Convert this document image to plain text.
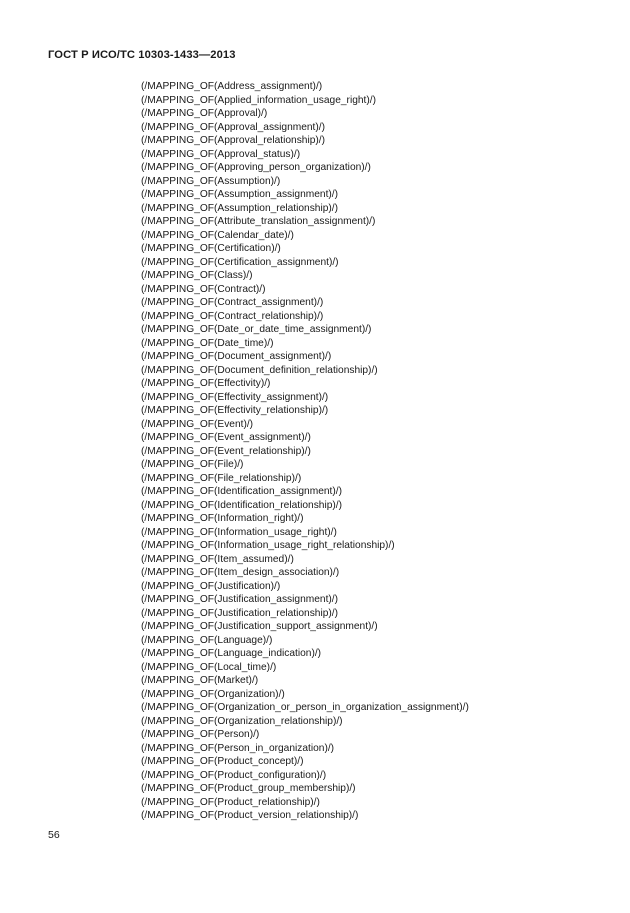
ГОСТ Р ИСО/ТС 10303-1433—2013
(/MAPPING_OF(Address_assignment)/)
(/MAPPING_OF(Applied_information_usage_right)/)
(/MAPPING_OF(Approval)/)
(/MAPPING_OF(Approval_assignment)/)
(/MAPPING_OF(Approval_relationship)/)
(/MAPPING_OF(Approval_status)/)
(/MAPPING_OF(Approving_person_organization)/)
(/MAPPING_OF(Assumption)/)
(/MAPPING_OF(Assumption_assignment)/)
(/MAPPING_OF(Assumption_relationship)/)
(/MAPPING_OF(Attribute_translation_assignment)/)
(/MAPPING_OF(Calendar_date)/)
(/MAPPING_OF(Certification)/)
(/MAPPING_OF(Certification_assignment)/)
(/MAPPING_OF(Class)/)
(/MAPPING_OF(Contract)/)
(/MAPPING_OF(Contract_assignment)/)
(/MAPPING_OF(Contract_relationship)/)
(/MAPPING_OF(Date_or_date_time_assignment)/)
(/MAPPING_OF(Date_time)/)
(/MAPPING_OF(Document_assignment)/)
(/MAPPING_OF(Document_definition_relationship)/)
(/MAPPING_OF(Effectivity)/)
(/MAPPING_OF(Effectivity_assignment)/)
(/MAPPING_OF(Effectivity_relationship)/)
(/MAPPING_OF(Event)/)
(/MAPPING_OF(Event_assignment)/)
(/MAPPING_OF(Event_relationship)/)
(/MAPPING_OF(File)/)
(/MAPPING_OF(File_relationship)/)
(/MAPPING_OF(Identification_assignment)/)
(/MAPPING_OF(Identification_relationship)/)
(/MAPPING_OF(Information_right)/)
(/MAPPING_OF(Information_usage_right)/)
(/MAPPING_OF(Information_usage_right_relationship)/)
(/MAPPING_OF(Item_assumed)/)
(/MAPPING_OF(Item_design_association)/)
(/MAPPING_OF(Justification)/)
(/MAPPING_OF(Justification_assignment)/)
(/MAPPING_OF(Justification_relationship)/)
(/MAPPING_OF(Justification_support_assignment)/)
(/MAPPING_OF(Language)/)
(/MAPPING_OF(Language_indication)/)
(/MAPPING_OF(Local_time)/)
(/MAPPING_OF(Market)/)
(/MAPPING_OF(Organization)/)
(/MAPPING_OF(Organization_or_person_in_organization_assignment)/)
(/MAPPING_OF(Organization_relationship)/)
(/MAPPING_OF(Person)/)
(/MAPPING_OF(Person_in_organization)/)
(/MAPPING_OF(Product_concept)/)
(/MAPPING_OF(Product_configuration)/)
(/MAPPING_OF(Product_group_membership)/)
(/MAPPING_OF(Product_relationship)/)
(/MAPPING_OF(Product_version_relationship)/)
56
